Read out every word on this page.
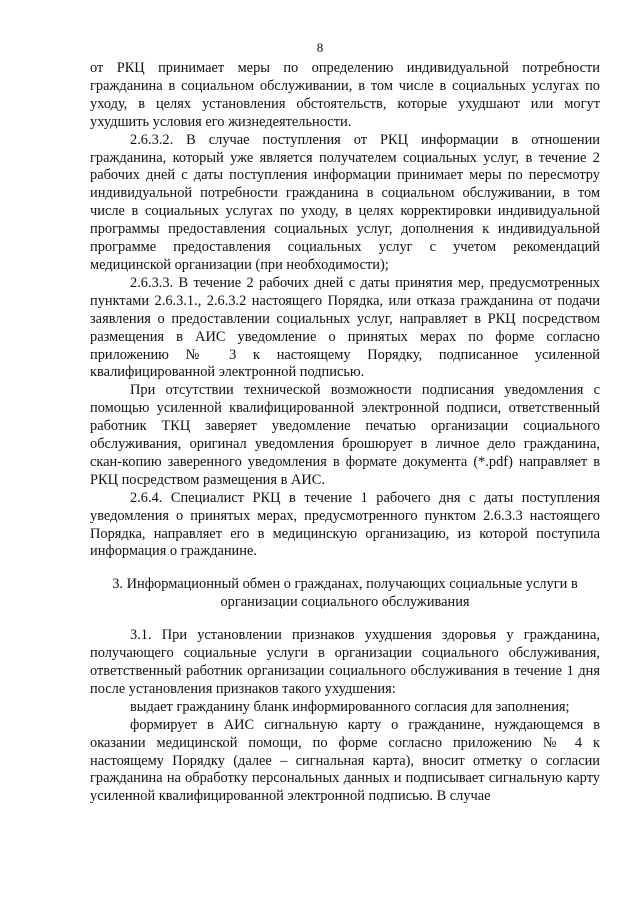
8

от РКЦ принимает меры по определению индивидуальной потребности гражданина в социальном обслуживании, в том числе в социальных услугах по уходу, в целях установления обстоятельств, которые ухудшают или могут ухудшить условия его жизнедеятельности.

2.6.3.2. В случае поступления от РКЦ информации в отношении гражданина, который уже является получателем социальных услуг, в течение 2 рабочих дней с даты поступления информации принимает меры по пересмотру индивидуальной потребности гражданина в социальном обслуживании, в том числе в социальных услугах по уходу, в целях корректировки индивидуальной программы предоставления социальных услуг, дополнения к индивидуальной программе предоставления социальных услуг с учетом рекомендаций медицинской организации (при необходимости);

2.6.3.3. В течение 2 рабочих дней с даты принятия мер, предусмотренных пунктами 2.6.3.1., 2.6.3.2 настоящего Порядка, или отказа гражданина от подачи заявления о предоставлении социальных услуг, направляет в РКЦ посредством размещения в АИС уведомление о принятых мерах по форме согласно приложению № 3 к настоящему Порядку, подписанное усиленной квалифицированной электронной подписью.

При отсутствии технической возможности подписания уведомления с помощью усиленной квалифицированной электронной подписи, ответственный работник ТКЦ заверяет уведомление печатью организации социального обслуживания, оригинал уведомления брошюрует в личное дело гражданина, скан-копию заверенного уведомления в формате документа (*.pdf) направляет в РКЦ посредством размещения в АИС.

2.6.4. Специалист РКЦ в течение 1 рабочего дня с даты поступления уведомления о принятых мерах, предусмотренного пунктом 2.6.3.3 настоящего Порядка, направляет его в медицинскую организацию, из которой поступила информация о гражданине.

3. Информационный обмен о гражданах, получающих социальные услуги в
организации социального обслуживания

3.1. При установлении признаков ухудшения здоровья у гражданина, получающего социальные услуги в организации социального обслуживания, ответственный работник организации социального обслуживания в течение 1 дня после установления признаков такого ухудшения:

выдает гражданину бланк информированного согласия для заполнения;

формирует в АИС сигнальную карту о гражданине, нуждающемся в оказании медицинской помощи, по форме согласно приложению № 4 к настоящему Порядку (далее – сигнальная карта), вносит отметку о согласии гражданина на обработку персональных данных и подписывает сигнальную карту усиленной квалифицированной электронной подписью. В случае
